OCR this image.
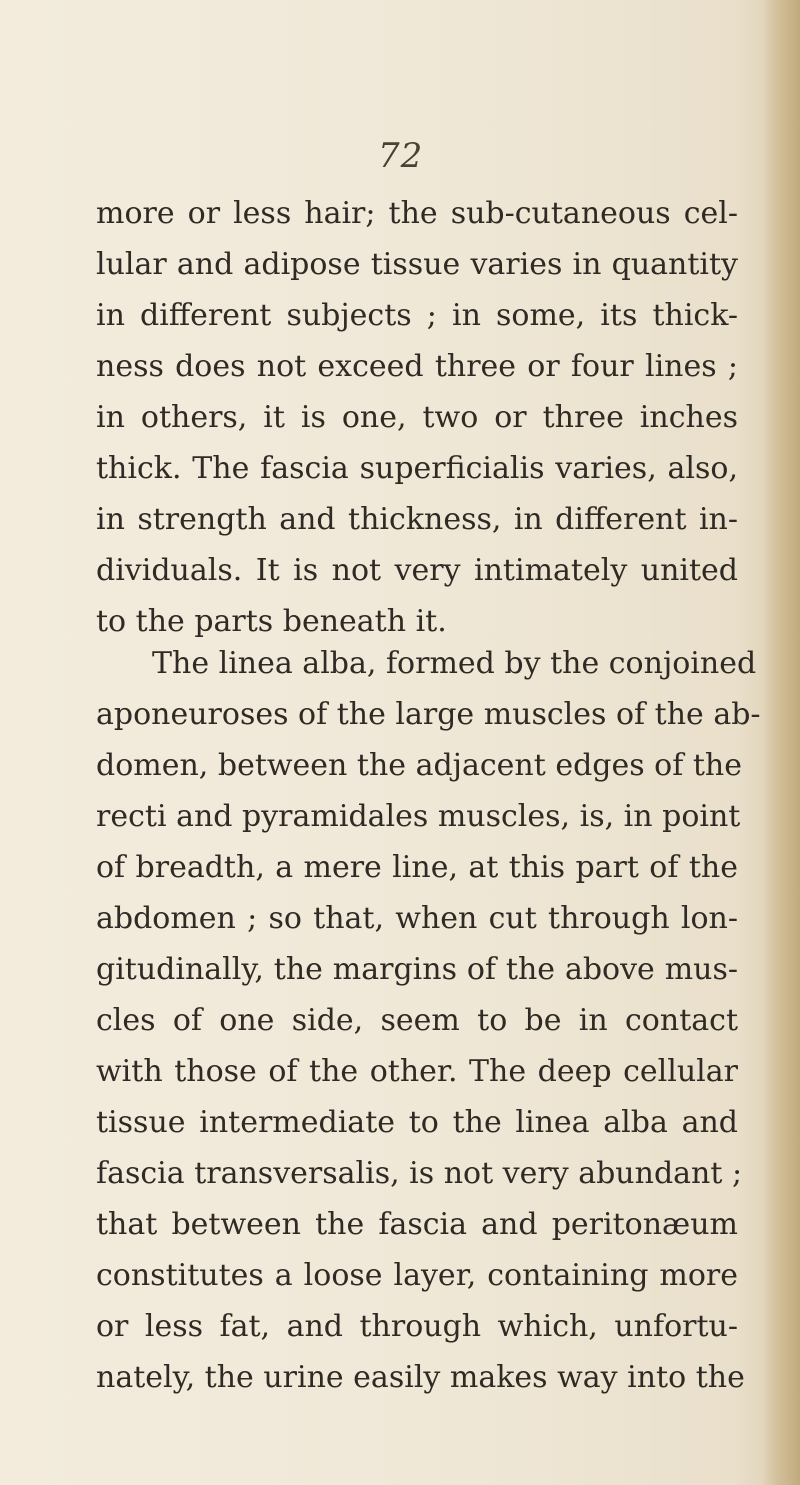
72
more or less hair; the sub-cutaneous cel-
lular and adipose tissue varies in quantity
in different subjects ; in some, its thick-
ness does not exceed three or four lines ;
in others, it is one, two or three inches
thick. The fascia superficialis varies, also,
in strength and thickness, in different in-
dividuals. It is not very intimately united
to the parts beneath it.
The linea alba, formed by the conjoined
aponeuroses of the large muscles of the ab-
domen, between the adjacent edges of the
recti and pyramidales muscles, is, in point
of breadth, a mere line, at this part of the
abdomen ; so that, when cut through lon-
gitudinally, the margins of the above mus-
cles of one side, seem to be in contact
with those of the other. The deep cellular
tissue intermediate to the linea alba and
fascia transversalis, is not very abundant ;
that between the fascia and peritonæum
constitutes a loose layer, containing more
or less fat, and through which, unfortu-
nately, the urine easily makes way into the
